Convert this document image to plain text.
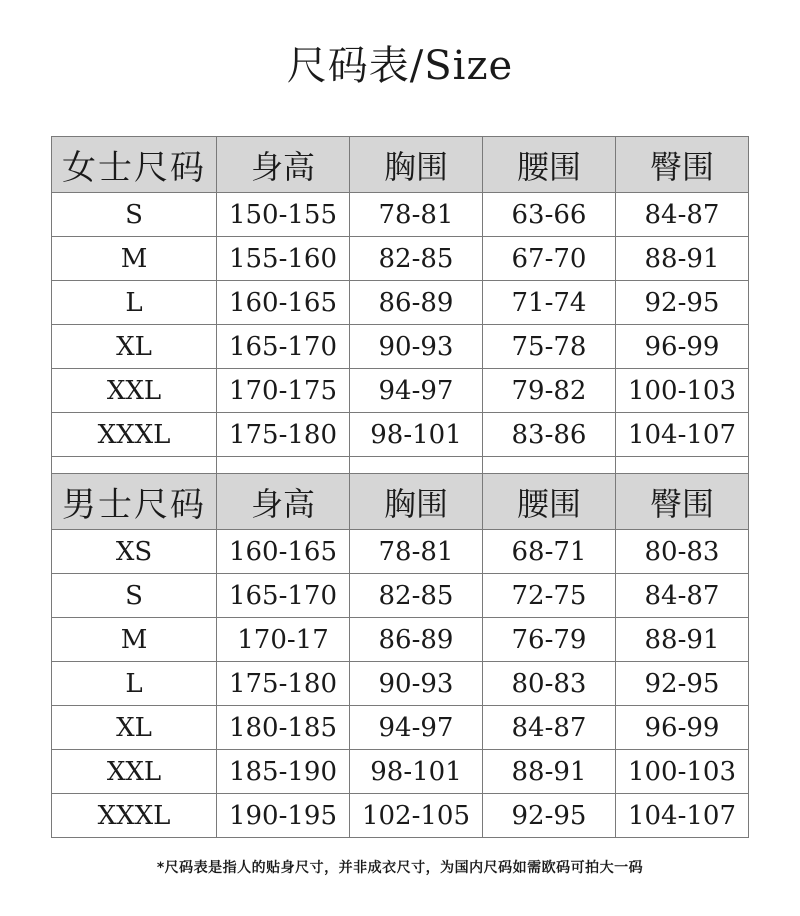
尺码表/Size
女士尺码	身高	胸围	腰围	臀围
S	150-155	78-81	63-66	84-87
M	155-160	82-85	67-70	88-91
L	160-165	86-89	71-74	92-95
XL	165-170	90-93	75-78	96-99
XXL	170-175	94-97	79-82	100-103
XXXL	175-180	98-101	83-86	104-107

男士尺码	身高	胸围	腰围	臀围
XS	160-165	78-81	68-71	80-83
S	165-170	82-85	72-75	84-87
M	170-17	86-89	76-79	88-91
L	175-180	90-93	80-83	92-95
XL	180-185	94-97	84-87	96-99
XXL	185-190	98-101	88-91	100-103
XXXL	190-195	102-105	92-95	104-107
*尺码表是指人的贴身尺寸，并非成衣尺寸，为国内尺码如需欧码可拍大一码
